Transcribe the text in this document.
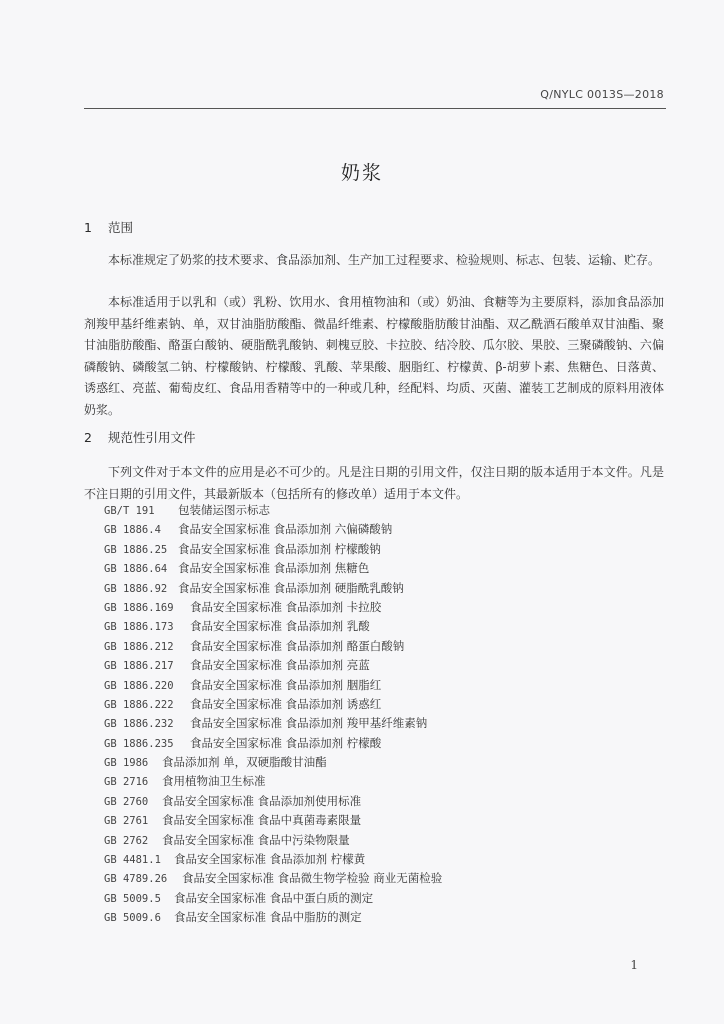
Q/NYLC 0013S—2018
奶浆
1 范围
本标准规定了奶浆的技术要求、食品添加剂、生产加工过程要求、检验规则、标志、包装、运输、贮存。
本标准适用于以乳和（或）乳粉、饮用水、食用植物油和（或）奶油、食糖等为主要原料，添加食品添加剂羧甲基纤维素钠、单，双甘油脂肪酸酯、微晶纤维素、柠檬酸脂肪酸甘油酯、双乙酰酒石酸单双甘油酯、聚甘油脂肪酸酯、酪蛋白酸钠、硬脂酰乳酸钠、刺槐豆胶、卡拉胶、结冷胶、瓜尔胶、果胶、三聚磷酸钠、六偏磷酸钠、磷酸氢二钠、柠檬酸钠、柠檬酸、乳酸、苹果酸、胭脂红、柠檬黄、β-胡萝卜素、焦糖色、日落黄、诱惑红、亮蓝、葡萄皮红、食品用香精等中的一种或几种，经配料、均质、灭菌、灌装工艺制成的原料用液体奶浆。
2 规范性引用文件
下列文件对于本文件的应用是必不可少的。凡是注日期的引用文件，仅注日期的版本适用于本文件。凡是不注日期的引用文件，其最新版本（包括所有的修改单）适用于本文件。
GB/T 191 包装储运图示标志
GB 1886.4 食品安全国家标准 食品添加剂 六偏磷酸钠
GB 1886.25 食品安全国家标准 食品添加剂 柠檬酸钠
GB 1886.64 食品安全国家标准 食品添加剂 焦糖色
GB 1886.92 食品安全国家标准 食品添加剂 硬脂酰乳酸钠
GB 1886.169 食品安全国家标准 食品添加剂 卡拉胶
GB 1886.173 食品安全国家标准 食品添加剂 乳酸
GB 1886.212 食品安全国家标准 食品添加剂 酪蛋白酸钠
GB 1886.217 食品安全国家标准 食品添加剂 亮蓝
GB 1886.220 食品安全国家标准 食品添加剂 胭脂红
GB 1886.222 食品安全国家标准 食品添加剂 诱惑红
GB 1886.232 食品安全国家标准 食品添加剂 羧甲基纤维素钠
GB 1886.235 食品安全国家标准 食品添加剂 柠檬酸
GB 1986 食品添加剂 单，双硬脂酸甘油酯
GB 2716 食用植物油卫生标准
GB 2760 食品安全国家标准 食品添加剂使用标准
GB 2761 食品安全国家标准 食品中真菌毒素限量
GB 2762 食品安全国家标准 食品中污染物限量
GB 4481.1 食品安全国家标准 食品添加剂 柠檬黄
GB 4789.26 食品安全国家标准 食品微生物学检验 商业无菌检验
GB 5009.5 食品安全国家标准 食品中蛋白质的测定
GB 5009.6 食品安全国家标准 食品中脂肪的测定
1
